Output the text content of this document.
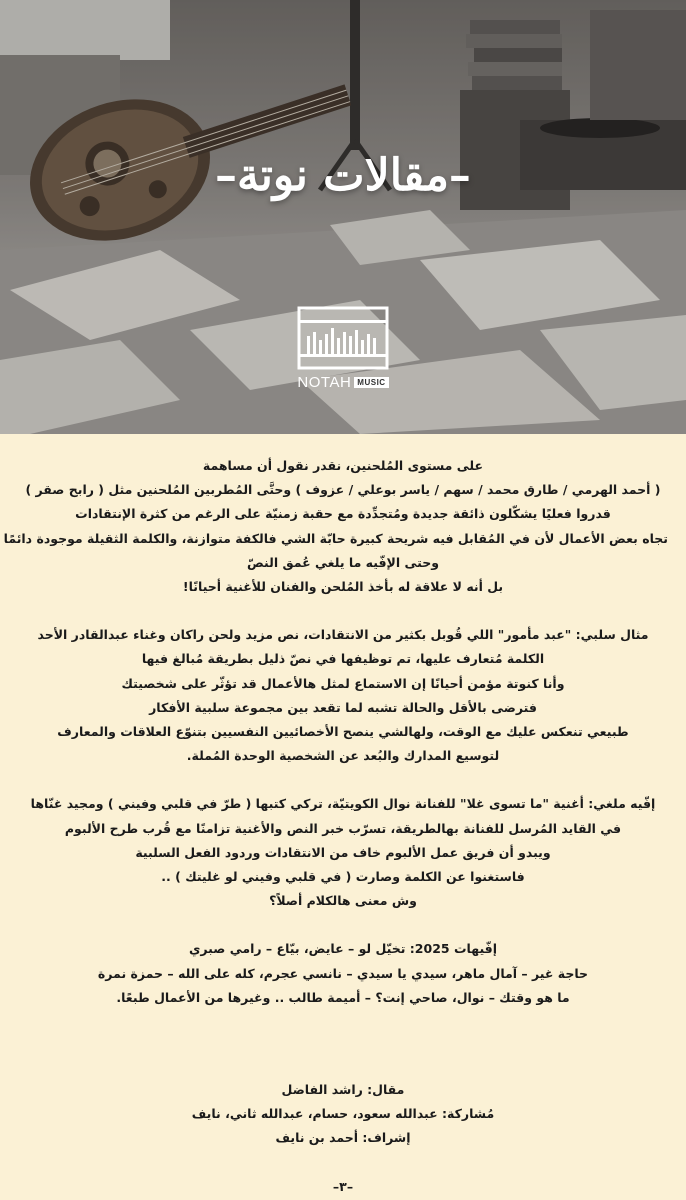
–مقالات نوتة–
NOTAH MUSIC

على مستوى المُلحنين، نقدر نقول أن مساهمة

( أحمد الهرمي / طارق محمد / سهم / ياسر بوعلي / عزوف ) وحتَّى المُطربين المُلحنين مثل ( رابح صقر )

قدروا فعليًا يشكّلون ذائقة جديدة ومُتجدِّدة مع حقبة زمنيّة على الرغم من كثرة الإنتقادات

تجاه بعض الأعمال لأن في المُقابل فيه شريحة كبيرة حابّة الشي فالكفة متوازنة، والكلمة الثقيلة موجودة دائمًا

وحتى الإفّيه ما يلغي عُمق النصّ

بل أنه لا علاقة له بأخذ المُلحن والفنان للأغنية أحيانًا!

مثال سلبي: "عبد مأمور" اللي قُوبل بكثير من الانتقادات، نص مزيد ولحن راكان وغناء عبدالقادر الأحد

الكلمة مُتعارف عليها، تم توظيفها في نصّ ذليل بطريقة مُبالغ فيها

وأنا كنوتة مؤمن أحيانًا إن الاستماع لمثل هالأعمال قد تؤثّر على شخصيتك

فترضى بالأقل والحالة تشبه لما تقعد بين مجموعة سلبية الأفكار

طبيعي تنعكس عليك مع الوقت، ولهالشي ينصح الأخصائيين النفسيين بتنوّع العلاقات والمعارف

لتوسيع المدارك والبُعد عن الشخصية الوحدة المُملة.

إفّيه ملغي: أغنية "ما تسوى غلا" للفنانة نوال الكويتيّة، تركي كتبها ( طرّ في قلبي وفيني ) ومجيد غنّاها

في القايد المُرسل للفنانة بهالطريقة، تسرّب خبر النص والأغنية تزامنًا مع قُرب طرح الألبوم

ويبدو أن فريق عمل الألبوم خاف من الانتقادات وردود الفعل السلبية

فاستغنوا عن الكلمة وصارت ( في قلبي وفيني لو غليتك ) ..

وش معنى هالكلام أصلاً؟

إفّيهات 2025: تخيّل لو – عايض، بيّاع – رامي صبري

حاجة غير – آمال ماهر، سيدي يا سيدي – نانسي عجرم، كله على الله – حمزة نمرة

ما هو وقتك – نوال، صاحي إنت؟ – أميمة طالب .. وغيرها من الأعمال طبعًا.

مقال: راشد الفاضل

مُشاركة: عبدالله سعود، حسام، عبدالله ثاني، نايف

إشراف: أحمد بن نايف

–٣–
